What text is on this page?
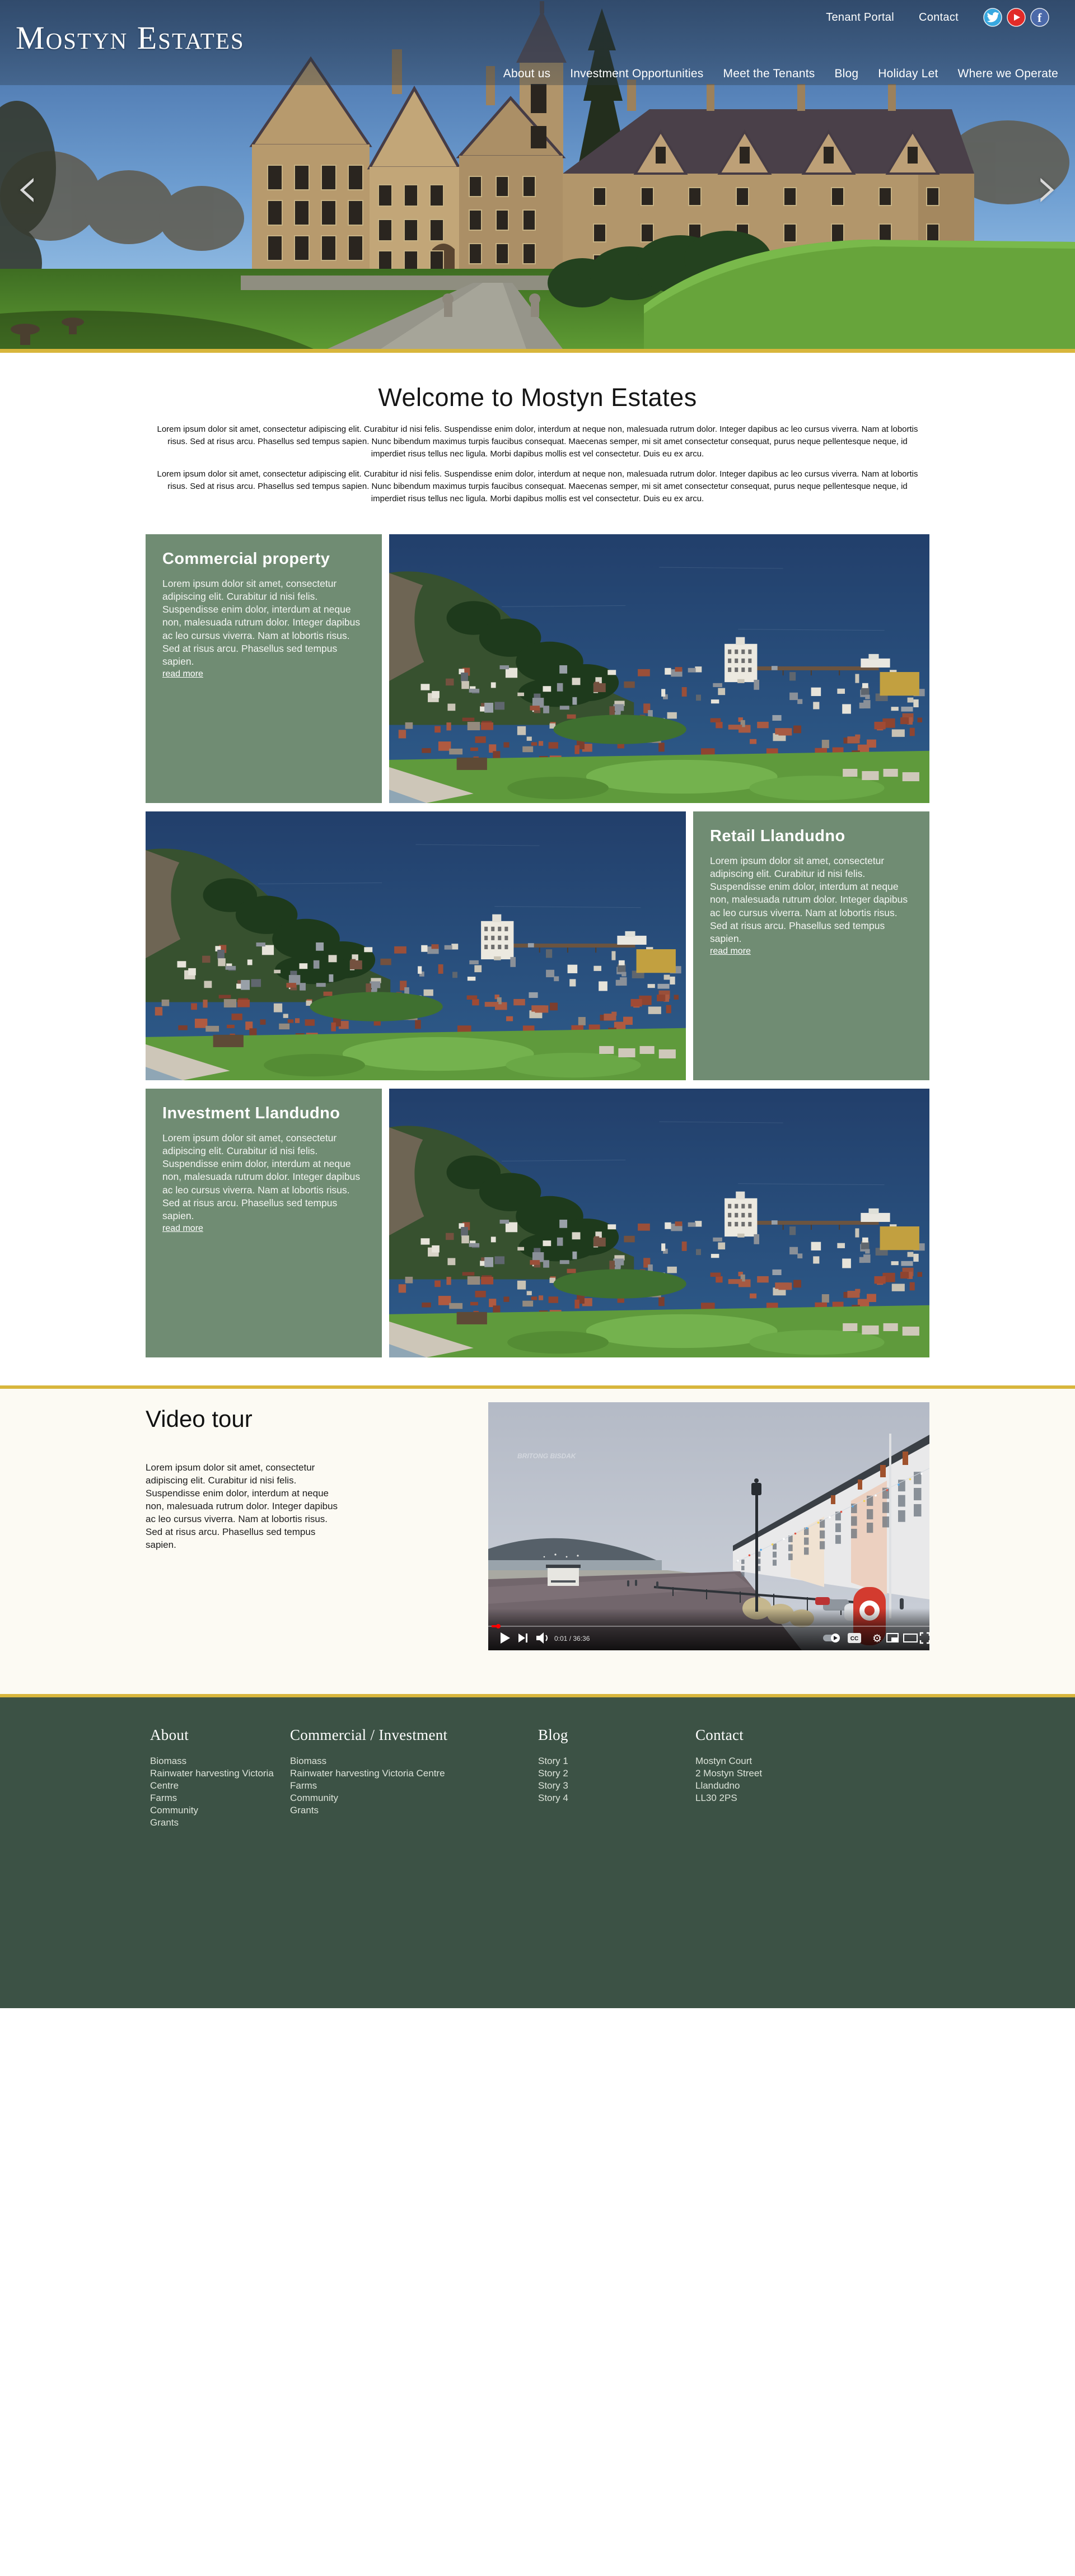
Mostyn Estates
Tenant Portal Contact	f
About us Investment Opportunities Meet the Tenants Blog Holiday Let Where we Operate
‹	›
Welcome to Mostyn Estates

Lorem ipsum dolor sit amet, consectetur adipiscing elit. Curabitur id nisi felis. Suspendisse enim dolor, interdum at neque non, malesuada rutrum dolor. Integer dapibus ac leo cursus viverra. Nam at lobortis risus. Sed at risus arcu. Phasellus sed tempus sapien. Nunc bibendum maximus turpis faucibus consequat. Maecenas semper, mi sit amet consectetur consequat, purus neque pellentesque neque, id imperdiet risus tellus nec ligula. Morbi dapibus mollis est vel consectetur. Duis eu ex arcu.

Lorem ipsum dolor sit amet, consectetur adipiscing elit. Curabitur id nisi felis. Suspendisse enim dolor, interdum at neque non, malesuada rutrum dolor. Integer dapibus ac leo cursus viverra. Nam at lobortis risus. Sed at risus arcu. Phasellus sed tempus sapien. Nunc bibendum maximus turpis faucibus consequat. Maecenas semper, mi sit amet consectetur consequat, purus neque pellentesque neque, id imperdiet risus tellus nec ligula. Morbi dapibus mollis est vel consectetur. Duis eu ex arcu.

Commercial property

Lorem ipsum dolor sit amet, consectetur adipiscing elit. Curabitur id nisi felis. Suspendisse enim dolor, interdum at neque non, malesuada rutrum dolor. Integer dapibus ac leo cursus viverra. Nam at lobortis risus. Sed at risus arcu. Phasellus sed tempus sapien.

read more
Retail Llandudno

Lorem ipsum dolor sit amet, consectetur adipiscing elit. Curabitur id nisi felis. Suspendisse enim dolor, interdum at neque non, malesuada rutrum dolor. Integer dapibus ac leo cursus viverra. Nam at lobortis risus. Sed at risus arcu. Phasellus sed tempus sapien.

read more
Investment Llandudno

Lorem ipsum dolor sit amet, consectetur adipiscing elit. Curabitur id nisi felis. Suspendisse enim dolor, interdum at neque non, malesuada rutrum dolor. Integer dapibus ac leo cursus viverra. Nam at lobortis risus. Sed at risus arcu. Phasellus sed tempus sapien.

read more
Video tour

Lorem ipsum dolor sit amet, consectetur adipiscing elit. Curabitur id nisi felis. Suspendisse enim dolor, interdum at neque non, malesuada rutrum dolor. Integer dapibus ac leo cursus viverra. Nam at lobortis risus. Sed at risus arcu. Phasellus sed tempus sapien.

BRITONG BISDAK
0:01 / 36:36	CC ⚙
About
Biomass
Rainwater harvesting Victoria Centre
Farms
Community
Grants
Commercial / Investment
Biomass
Rainwater harvesting Victoria Centre
Farms
Community
Grants
Blog
Story 1
Story 2
Story 3
Story 4
Contact
Mostyn Court
2 Mostyn Street
Llandudno
LL30 2PS
